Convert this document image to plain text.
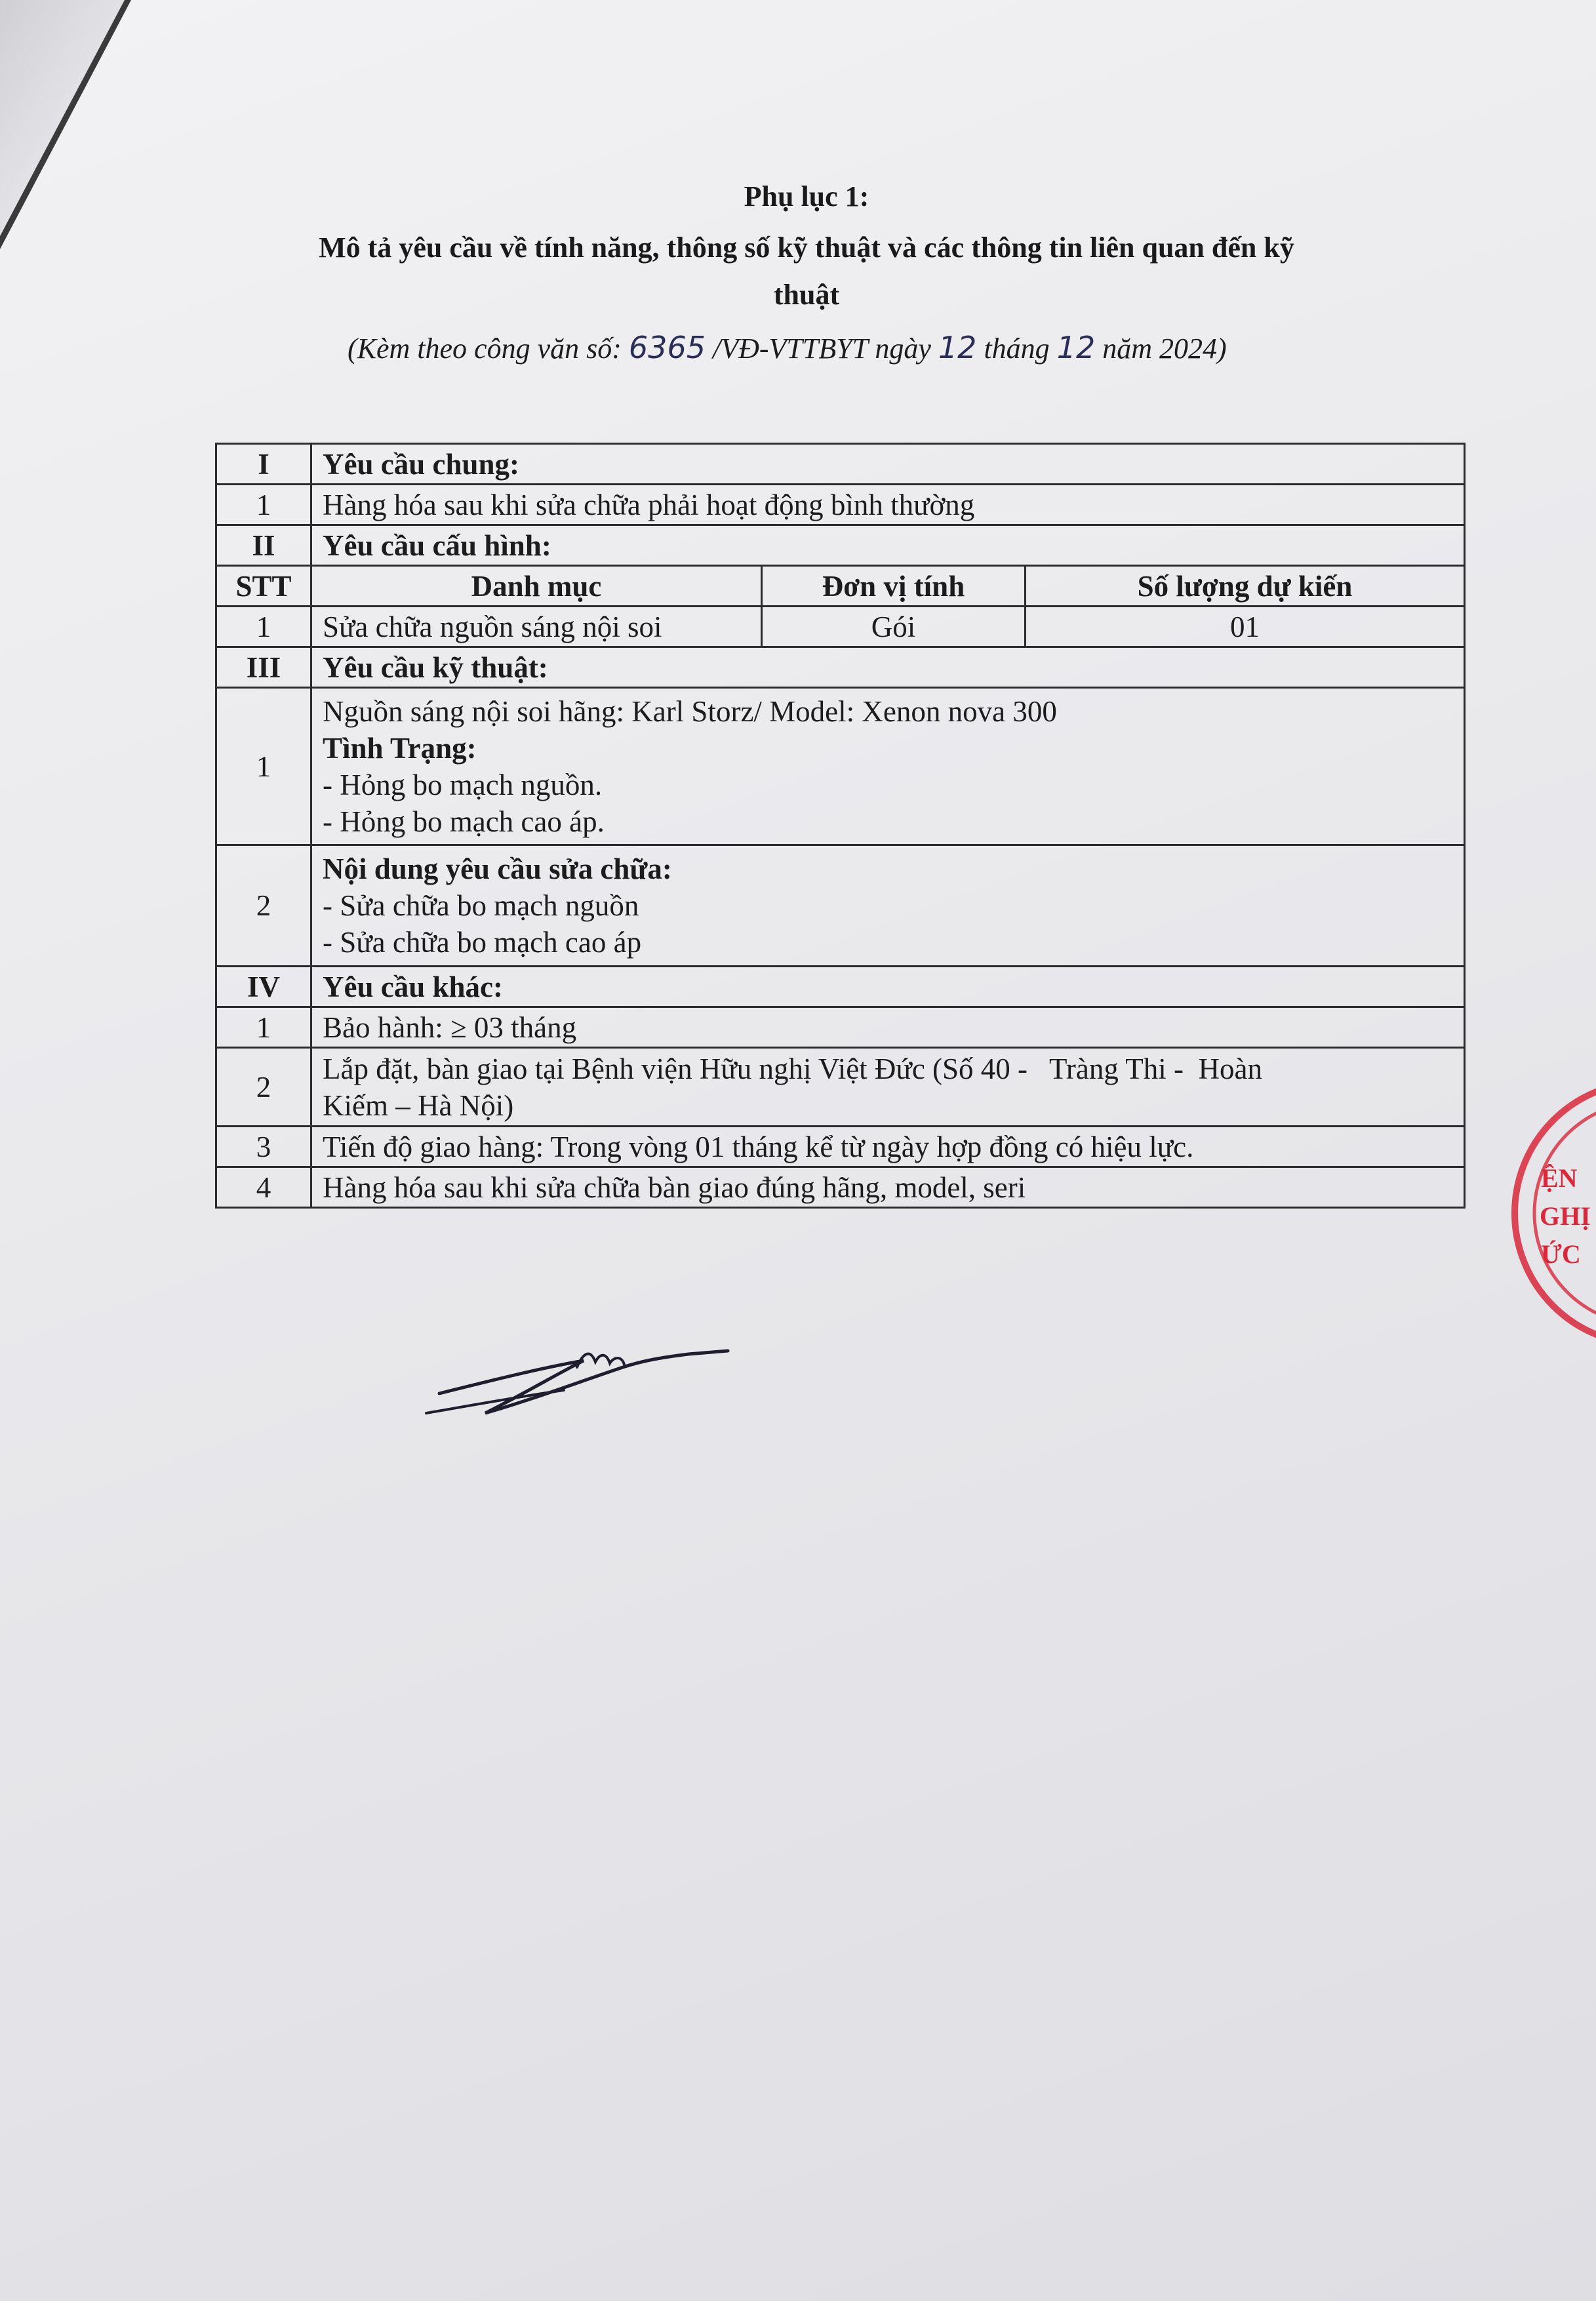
Phụ lục 1:

Mô tả yêu cầu về tính năng, thông số kỹ thuật và các thông tin liên quan đến kỹ
thuật

(Kèm theo công văn số: 6365 /VĐ-VTTBYT ngày 12 tháng 12 năm 2024)
I	Yêu cầu chung:		
1	Hàng hóa sau khi sửa chữa phải hoạt động bình thường		
II	Yêu cầu cấu hình:		
STT	Danh mục	Đơn vị tính	Số lượng dự kiến
1	Sửa chữa nguồn sáng nội soi	Gói	01
III	Yêu cầu kỹ thuật:		
1	Nguồn sáng nội soi hãng: Karl Storz/ Model: Xenon nova 300
Tình Trạng:
- Hỏng bo mạch nguồn.
- Hỏng bo mạch cao áp.		

2	Nội dung yêu cầu sửa chữa:
- Sửa chữa bo mạch nguồn
- Sửa chữa bo mạch cao áp		

IV	Yêu cầu khác:		
1	Bảo hành: ≥ 03 tháng		
2	Lắp đặt, bàn giao tại Bệnh viện Hữu nghị Việt Đức (Số 40 -   Tràng Thi -  Hoàn
Kiếm – Hà Nội)		

3	Tiến độ giao hàng: Trong vòng 01 tháng kể từ ngày hợp đồng có hiệu lực.		
4	Hàng hóa sau khi sửa chữa bàn giao đúng hãng, model, seri			ỆN
GHỊ
ỨC
